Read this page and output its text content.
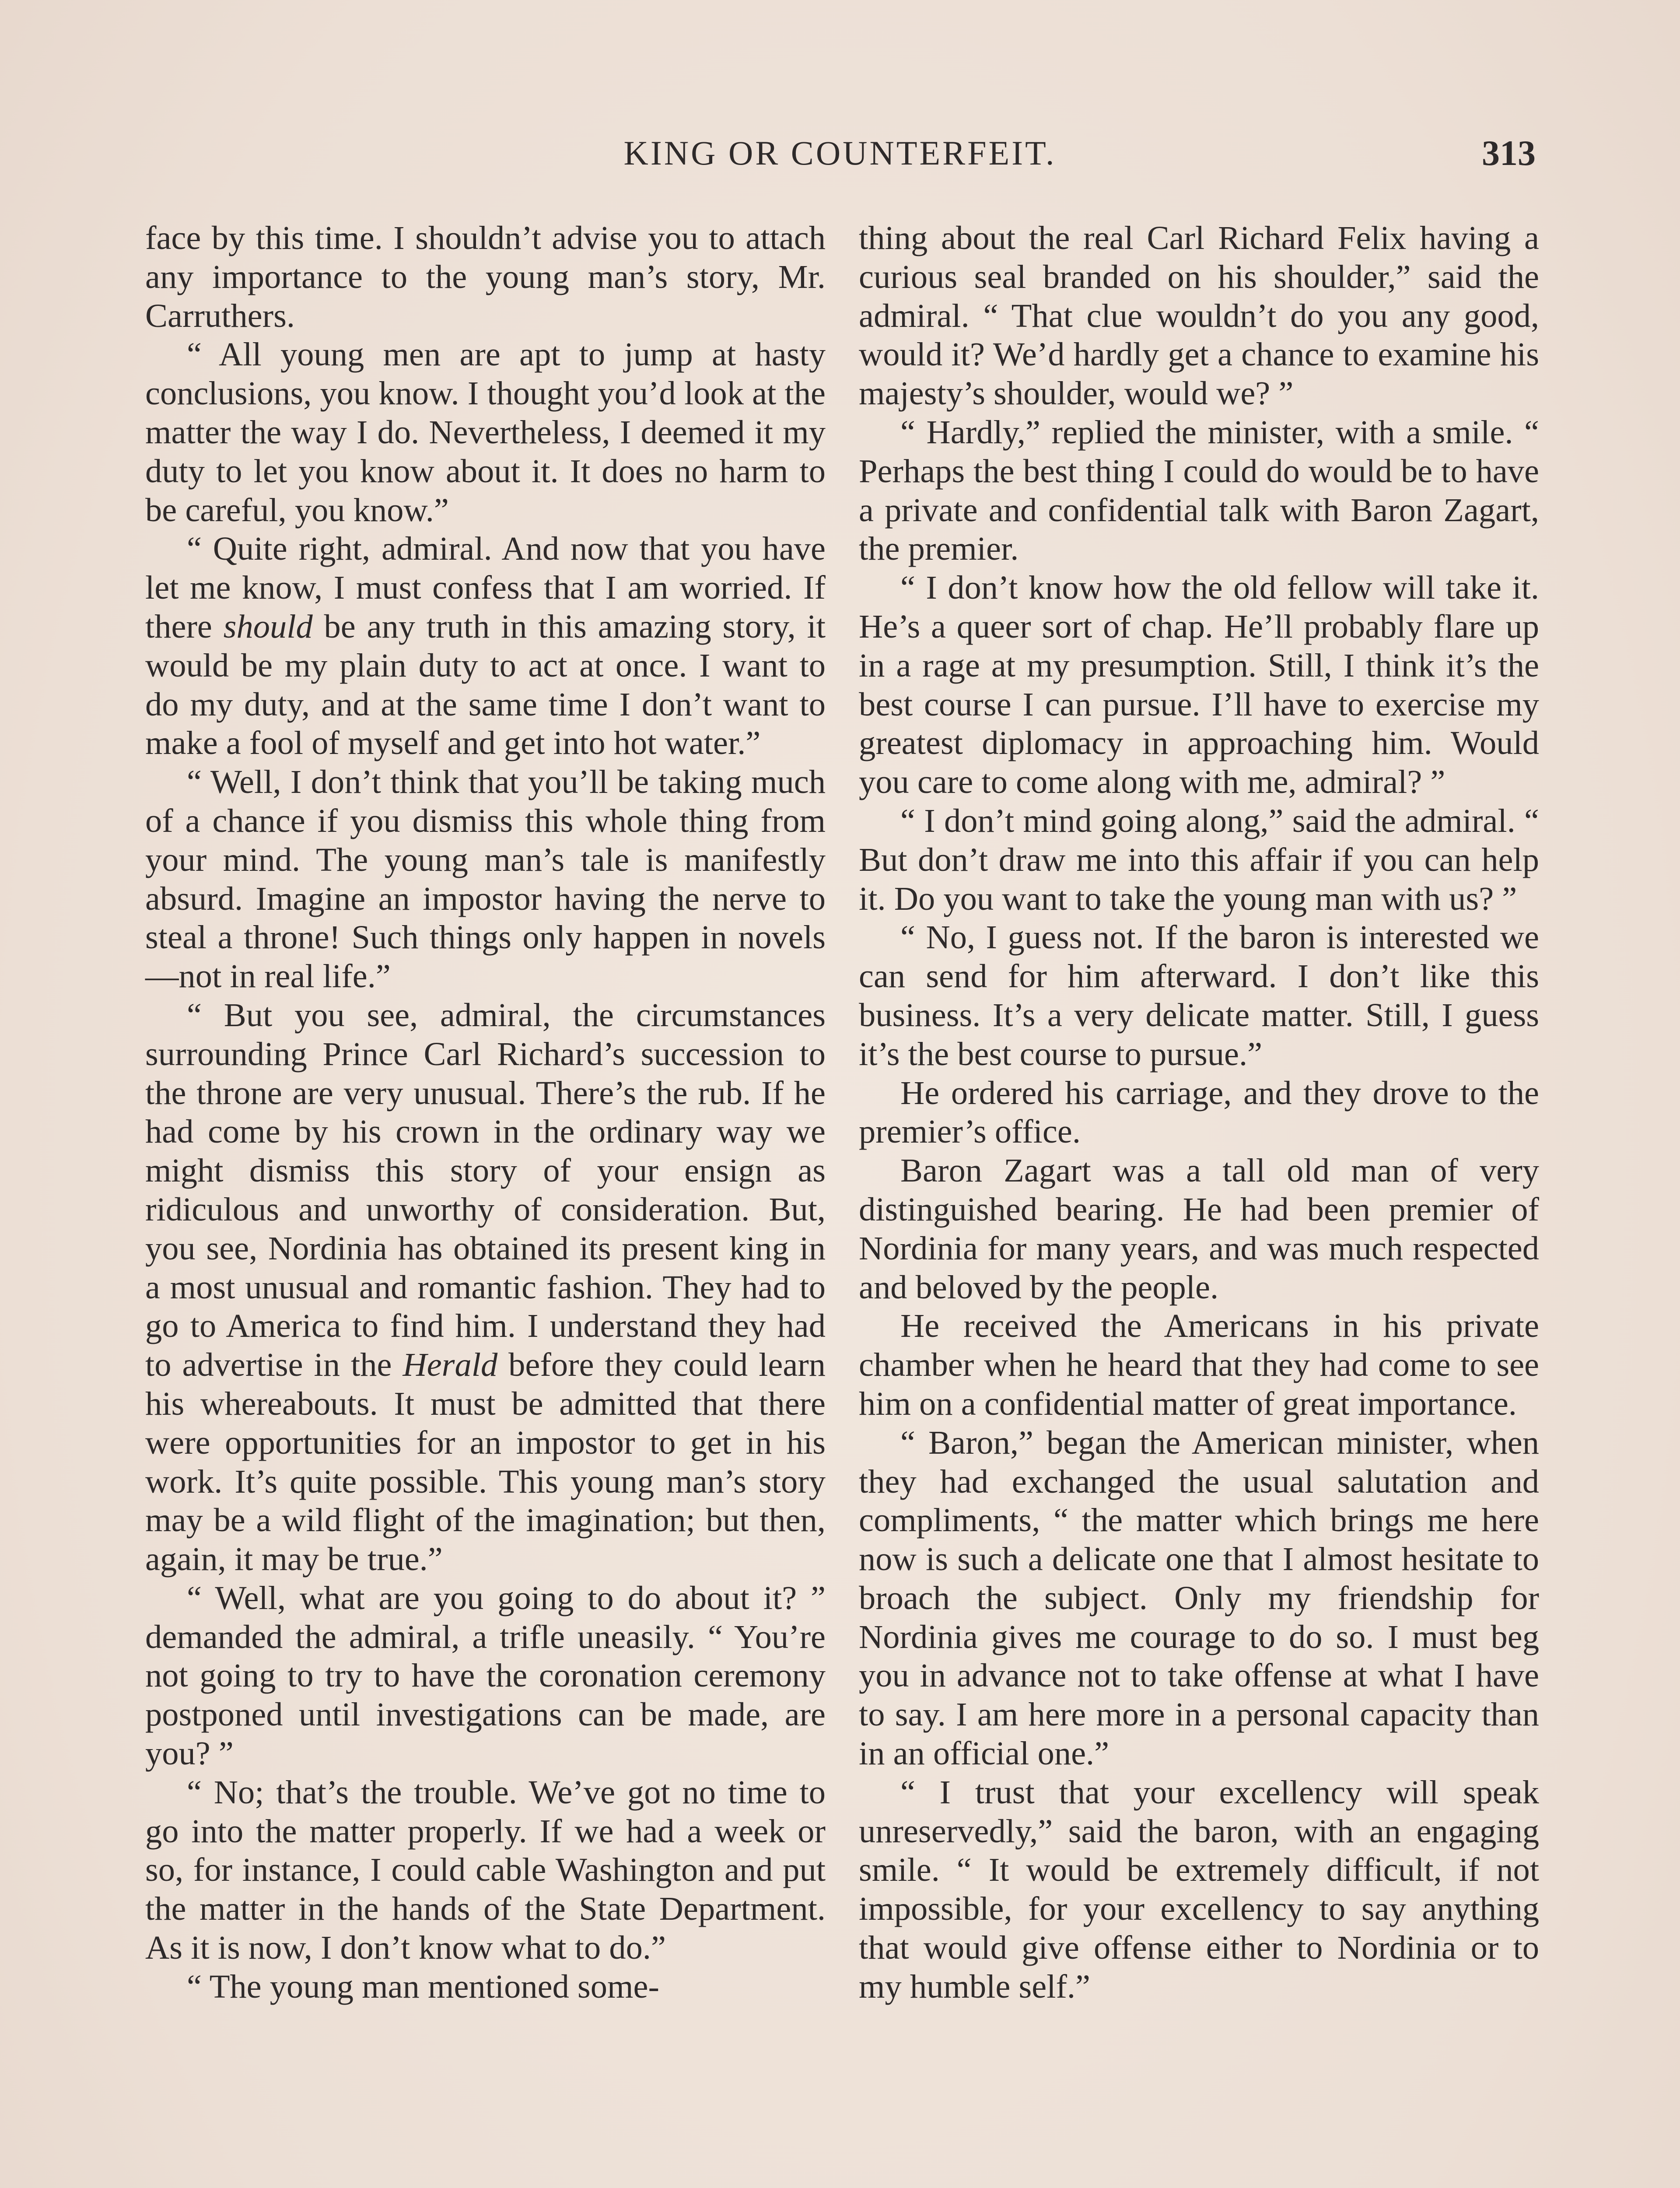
KING OR COUNTERFEIT.	313

face by this time. I shouldn’t advise you to attach any importance to the young man’s story, Mr. Carruthers.

“ All young men are apt to jump at hasty conclusions, you know. I thought you’d look at the matter the way I do. Nevertheless, I deemed it my duty to let you know about it. It does no harm to be careful, you know.”

“ Quite right, admiral. And now that you have let me know, I must confess that I am worried. If there should be any truth in this amazing story, it would be my plain duty to act at once. I want to do my duty, and at the same time I don’t want to make a fool of myself and get into hot water.”

“ Well, I don’t think that you’ll be taking much of a chance if you dismiss this whole thing from your mind. The young man’s tale is manifestly absurd. Imagine an impostor having the nerve to steal a throne! Such things only happen in novels—not in real life.”

“ But you see, admiral, the circumstances surrounding Prince Carl Richard’s succession to the throne are very unusual. There’s the rub. If he had come by his crown in the ordinary way we might dismiss this story of your ensign as ridiculous and unworthy of consideration. But, you see, Nordinia has obtained its present king in a most unusual and romantic fashion. They had to go to America to find him. I understand they had to advertise in the Herald before they could learn his whereabouts. It must be admitted that there were opportunities for an impostor to get in his work. It’s quite possible. This young man’s story may be a wild flight of the imagination; but then, again, it may be true.”

“ Well, what are you going to do about it? ” demanded the admiral, a trifle uneasily. “ You’re not going to try to have the coronation ceremony postponed until investigations can be made, are you? ”

“ No; that’s the trouble. We’ve got no time to go into the matter properly. If we had a week or so, for instance, I could cable Washington and put the matter in the hands of the State Department. As it is now, I don’t know what to do.”

“ The young man mentioned some-

thing about the real Carl Richard Felix having a curious seal branded on his shoulder,” said the admiral. “ That clue wouldn’t do you any good, would it? We’d hardly get a chance to examine his majesty’s shoulder, would we? ”

“ Hardly,” replied the minister, with a smile. “ Perhaps the best thing I could do would be to have a private and confidential talk with Baron Zagart, the premier.

“ I don’t know how the old fellow will take it. He’s a queer sort of chap. He’ll probably flare up in a rage at my presumption. Still, I think it’s the best course I can pursue. I’ll have to exercise my greatest diplomacy in approaching him. Would you care to come along with me, admiral? ”

“ I don’t mind going along,” said the admiral. “ But don’t draw me into this affair if you can help it. Do you want to take the young man with us? ”

“ No, I guess not. If the baron is interested we can send for him afterward. I don’t like this business. It’s a very delicate matter. Still, I guess it’s the best course to pursue.”

He ordered his carriage, and they drove to the premier’s office.

Baron Zagart was a tall old man of very distinguished bearing. He had been premier of Nordinia for many years, and was much respected and beloved by the people.

He received the Americans in his private chamber when he heard that they had come to see him on a confidential matter of great importance.

“ Baron,” began the American minister, when they had exchanged the usual salutation and compliments, “ the matter which brings me here now is such a delicate one that I almost hesitate to broach the subject. Only my friendship for Nordinia gives me courage to do so. I must beg you in advance not to take offense at what I have to say. I am here more in a personal capacity than in an official one.”

“ I trust that your excellency will speak unreservedly,” said the baron, with an engaging smile. “ It would be extremely difficult, if not impossible, for your excellency to say anything that would give offense either to Nordinia or to my humble self.”
